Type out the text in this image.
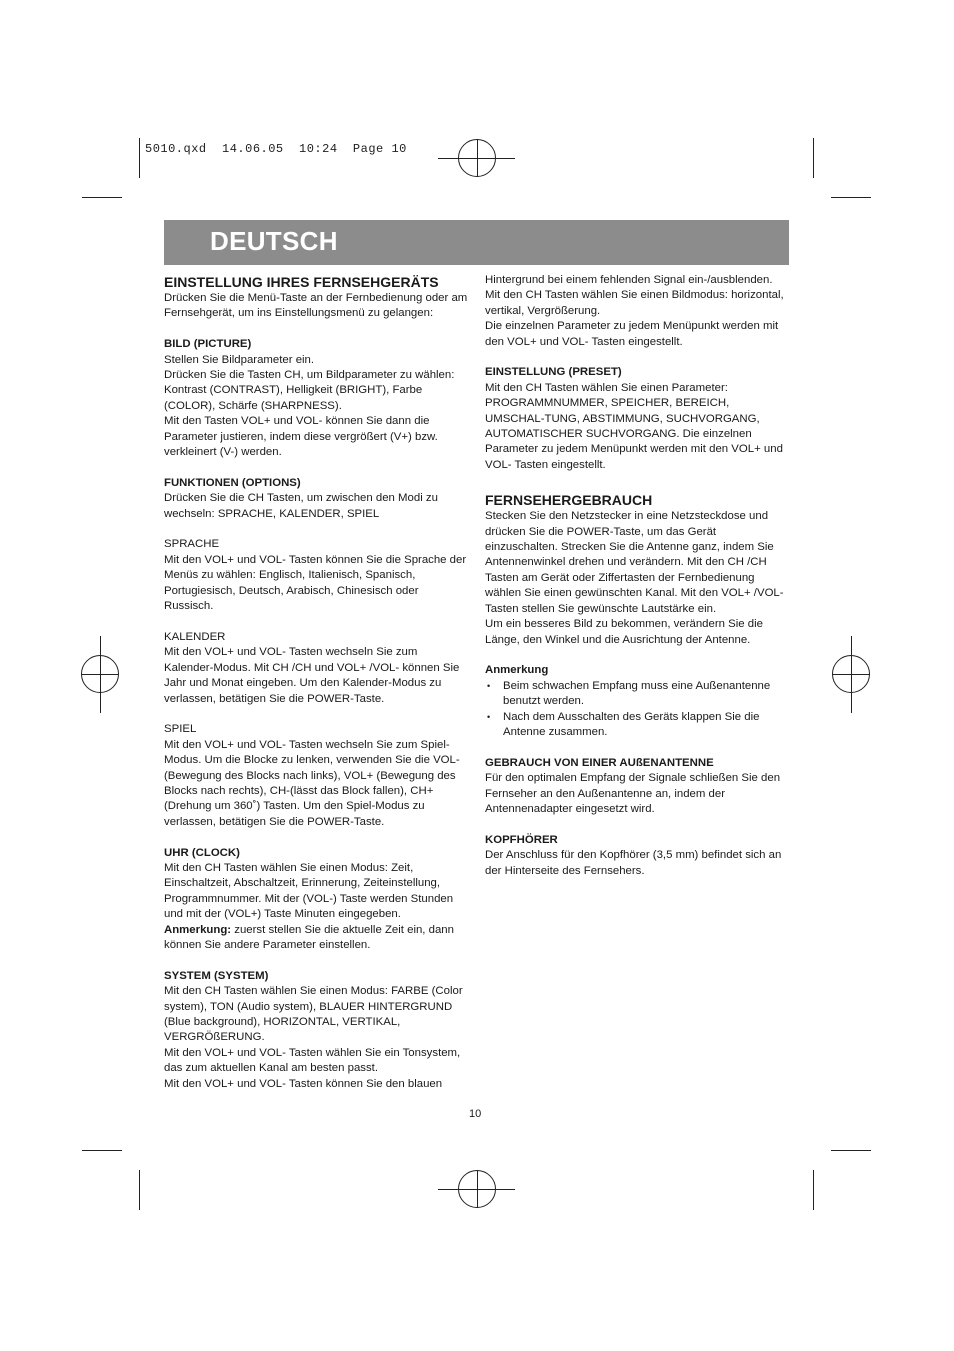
5010.qxd  14.06.05  10:24  Page 10
DEUTSCH

EINSTELLUNG IHRES FERNSEHGERÄTS

Drücken Sie die Menü-Taste an der Fernbedienung oder am Fernsehgerät, um ins Einstellungsmenü zu gelangen:

BILD (PICTURE)

Stellen Sie Bildparameter ein.

Drücken Sie die Tasten CH, um Bildparameter zu wählen: Kontrast (CONTRAST), Helligkeit (BRIGHT), Farbe (COLOR), Schärfe (SHARPNESS).

Mit den Tasten VOL+ und VOL- können Sie dann die Parameter justieren, indem diese vergrößert (V+) bzw. verkleinert (V-) werden.

FUNKTIONEN (OPTIONS)

Drücken Sie die CH Tasten, um zwischen den Modi zu wechseln: SPRACHE, KALENDER, SPIEL

SPRACHE

Mit den VOL+ und VOL- Tasten können Sie die Sprache der Menüs zu wählen: Englisch, Italienisch, Spanisch, Portugiesisch, Deutsch, Arabisch, Chinesisch oder Russisch.

KALENDER

Mit den VOL+ und VOL- Tasten wechseln Sie zum Kalender-Modus. Mit CH /CH und VOL+ /VOL- können Sie Jahr und Monat eingeben. Um den Kalender-Modus zu verlassen, betätigen Sie die POWER-Taste.

SPIEL

Mit den VOL+ und VOL- Tasten wechseln Sie zum Spiel-Modus. Um die Blocke zu lenken, verwenden Sie die VOL- (Bewegung des Blocks nach links), VOL+ (Bewegung des Blocks nach rechts), CH-(lässt das Block fallen), CH+ (Drehung um 360˚) Tasten. Um den Spiel-Modus zu verlassen, betätigen Sie die POWER-Taste.

UHR (CLOCK)

Mit den CH Tasten wählen Sie einen Modus: Zeit, Einschaltzeit, Abschaltzeit, Erinnerung, Zeiteinstellung, Programmnummer. Mit der (VOL-) Taste werden Stunden und mit der (VOL+) Taste Minuten eingegeben.

Anmerkung: zuerst stellen Sie die aktuelle Zeit ein, dann können Sie andere Parameter einstellen.

SYSTEM (SYSTEM)

Mit den CH Tasten wählen Sie einen Modus: FARBE (Color system), TON (Audio system), BLAUER HINTERGRUND (Blue background), HORIZONTAL, VERTIKAL, VERGRÖßERUNG.

Mit den VOL+ und VOL- Tasten wählen Sie ein Tonsystem, das zum aktuellen Kanal am besten passt.

Mit den VOL+ und VOL- Tasten können Sie den blauen

Hintergrund bei einem fehlenden Signal ein-/ausblenden.

Mit den CH Tasten wählen Sie einen Bildmodus: horizontal, vertikal, Vergrößerung.

Die einzelnen Parameter zu jedem Menüpunkt werden mit den VOL+ und VOL- Tasten eingestellt.

EINSTELLUNG (PRESET)

Mit den CH Tasten wählen Sie einen Parameter: PROGRAMMNUMMER, SPEICHER, BEREICH, UMSCHAL-TUNG, ABSTIMMUNG, SUCHVORGANG, AUTOMATISCHER SUCHVORGANG. Die einzelnen Parameter zu jedem Menüpunkt werden mit den VOL+ und VOL- Tasten eingestellt.

FERNSEHERGEBRAUCH

Stecken Sie den Netzstecker in eine Netzsteckdose und drücken Sie die POWER-Taste, um das Gerät einzuschalten. Strecken Sie die Antenne ganz, indem Sie Antennenwinkel drehen und verändern. Mit den CH /CH Tasten am Gerät oder Ziffertasten der Fernbedienung wählen Sie einen gewünschten Kanal. Mit den VOL+ /VOL- Tasten stellen Sie gewünschte Lautstärke ein.

Um ein besseres Bild zu bekommen, verändern Sie die Länge, den Winkel und die Ausrichtung der Antenne.

Anmerkung

• Beim schwachen Empfang muss eine Außenantenne benutzt werden.
• Nach dem Ausschalten des Geräts klappen Sie die Antenne zusammen.

GEBRAUCH VON EINER AUßENANTENNE

Für den optimalen Empfang der Signale schließen Sie den Fernseher an den Außenantenne an, indem der Antennenadapter eingesetzt wird.

KOPFHÖRER

Der Anschluss für den Kopfhörer (3,5 mm) befindet sich an der Hinterseite des Fernsehers.

10
